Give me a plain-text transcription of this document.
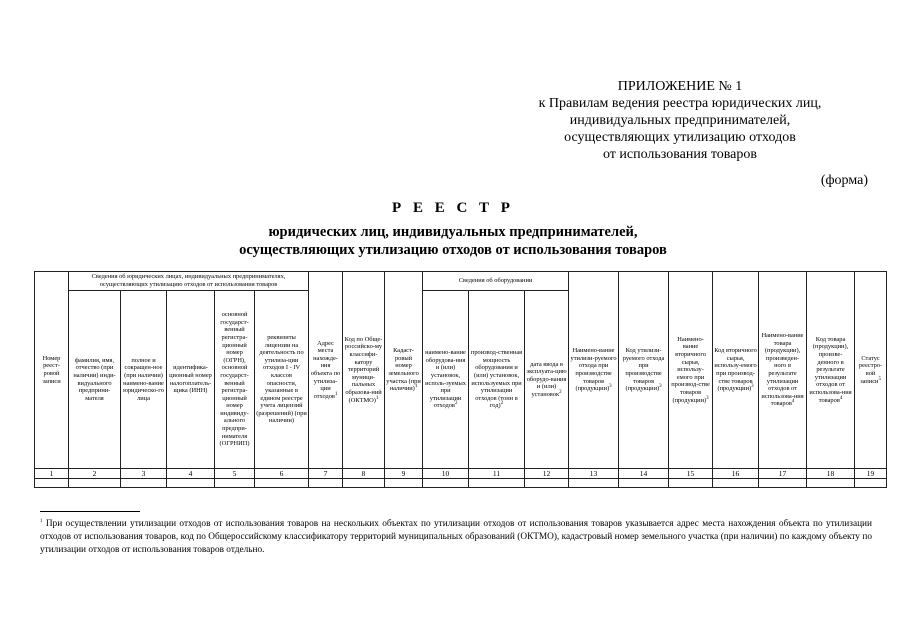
ПРИЛОЖЕНИЕ № 1
к Правилам ведения реестра юридических лиц,
индивидуальных предпринимателей,
осуществляющих утилизацию отходов
от использования товаров
(форма)
Р Е Е С Т Р
юридических лиц, индивидуальных предпринимателей,
осуществляющих утилизацию отходов от использования товаров
Номер реест-ровой записи	Сведения об юридических лицах, индивидуальных предпринимателях, осуществляющих утилизацию отходов от использования товаров					Адрес места нахожде-ния объекта по утилиза-ции отходов$^1$	Код по Обще-российско-му классифи-катору территорий муници-пальных образова-ний (ОКТМО)$^1$	Кадаст-ровый номер земельного участка (при наличии)$^1$	Сведения об оборудовании			Наимено-вание утилизи-руемого отхода при производстве товаров (продукции)$^3$	Код утилизи-руемого отхода при производстве товаров (продукции)$^3$	Наимено-вание вторичного сырья, использу-емого при производ-стве товаров (продукции)$^3$	Код вторичного сырья, использу-емого при производ-стве товаров (продукции)$^3$	Наимено-вание товара (продукции), произведен-ного в результате утилизации отходов от использова-ния товаров$^4$	Код товара (продукции), произве-денного в результате утилизации отходов от использова-ния товаров$^4$	Статус реестро-вой записи$^5$
	фамилия, имя, отчество (при наличии) инди-видуального предприни-мателя	полное и сокращен-ное (при наличии) наимено-вание юридическо-го лица	идентифика-ционный номер налогоплатель-щика (ИНН)	основной государст-венный регистра-ционный номер (ОГРН), основной государст-венный регистра-ционный номер индивиду-ального предпри-нимателя (ОГРНИП)	реквизиты лицензии на деятельность по утилиза-ции отходов I - IV классов опасности, указанные в едином реестре учета лицензий (разрешений) (при наличии)				наимено-вание оборудова-ния и (или) установок, исполь-зуемых при утилизации отходов$^2$	производ-ственная мощность оборудования и (или) установок, используемых при утилизации отходов (тонн в год)$^2$	дата ввода в эксплуата-цию оборудо-вания и (или) установок$^2$
1	2	3	4	5	6	7	8	9	10	11	12	13	14	15	16	17	18	19

$^1$ При осуществлении утилизации отходов от использования товаров на нескольких объектах по утилизации отходов от использования товаров указывается адрес места нахождения объекта по утилизации отходов от использования товаров, код по Общероссийскому классификатору территорий муниципальных образований (ОКТМО), кадастровый номер земельного участка (при наличии) по каждому объекту по утилизации отходов от использования товаров отдельно.
